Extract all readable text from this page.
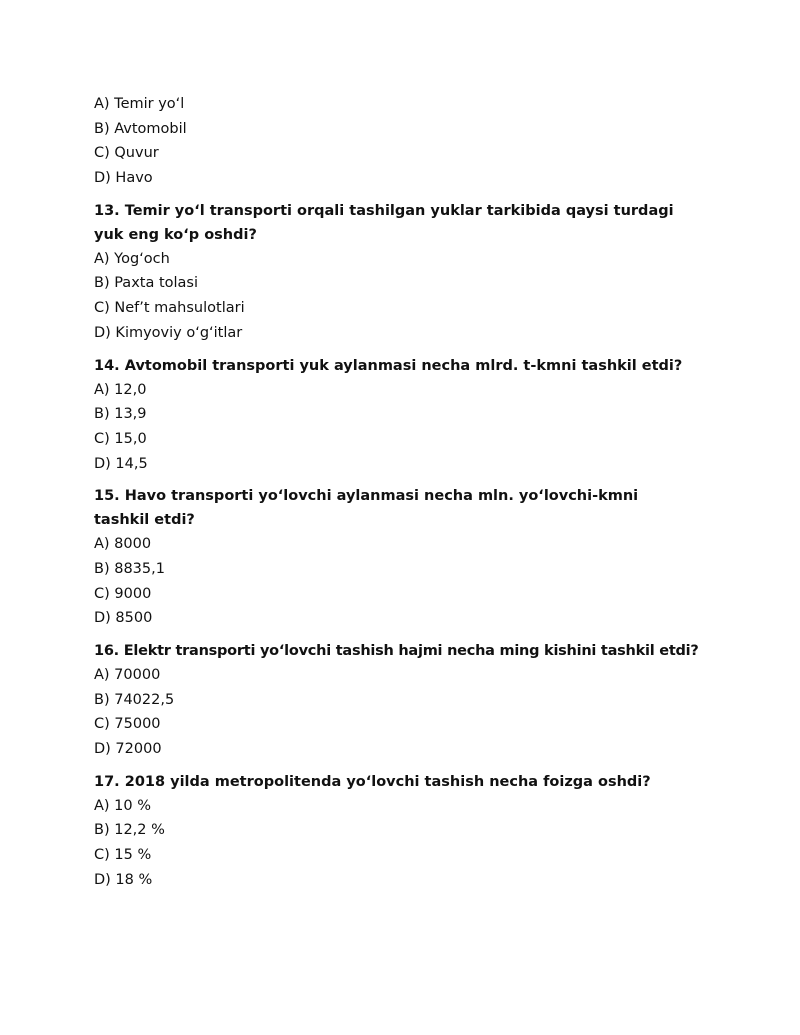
A) Temir yo‘l
B) Avtomobil
C) Quvur
D) Havo
13. Temir yo‘l transporti orqali tashilgan yuklar tarkibida qaysi turdagi yuk eng ko‘p oshdi?
A) Yog‘och
B) Paxta tolasi
C) Nef’t mahsulotlari
D) Kimyoviy o‘g‘itlar
14. Avtomobil transporti yuk aylanmasi necha mlrd. t-kmni tashkil etdi?
A) 12,0
B) 13,9
C) 15,0
D) 14,5
15. Havo transporti yo‘lovchi aylanmasi necha mln. yo‘lovchi-kmni tashkil etdi?
A) 8000
B) 8835,1
C) 9000
D) 8500
16. Elektr transporti yo‘lovchi tashish hajmi necha ming kishini tashkil etdi?
A) 70000
B) 74022,5
C) 75000
D) 72000
17. 2018 yilda metropolitenda yo‘lovchi tashish necha foizga oshdi?
A) 10 %
B) 12,2 %
C) 15 %
D) 18 %
